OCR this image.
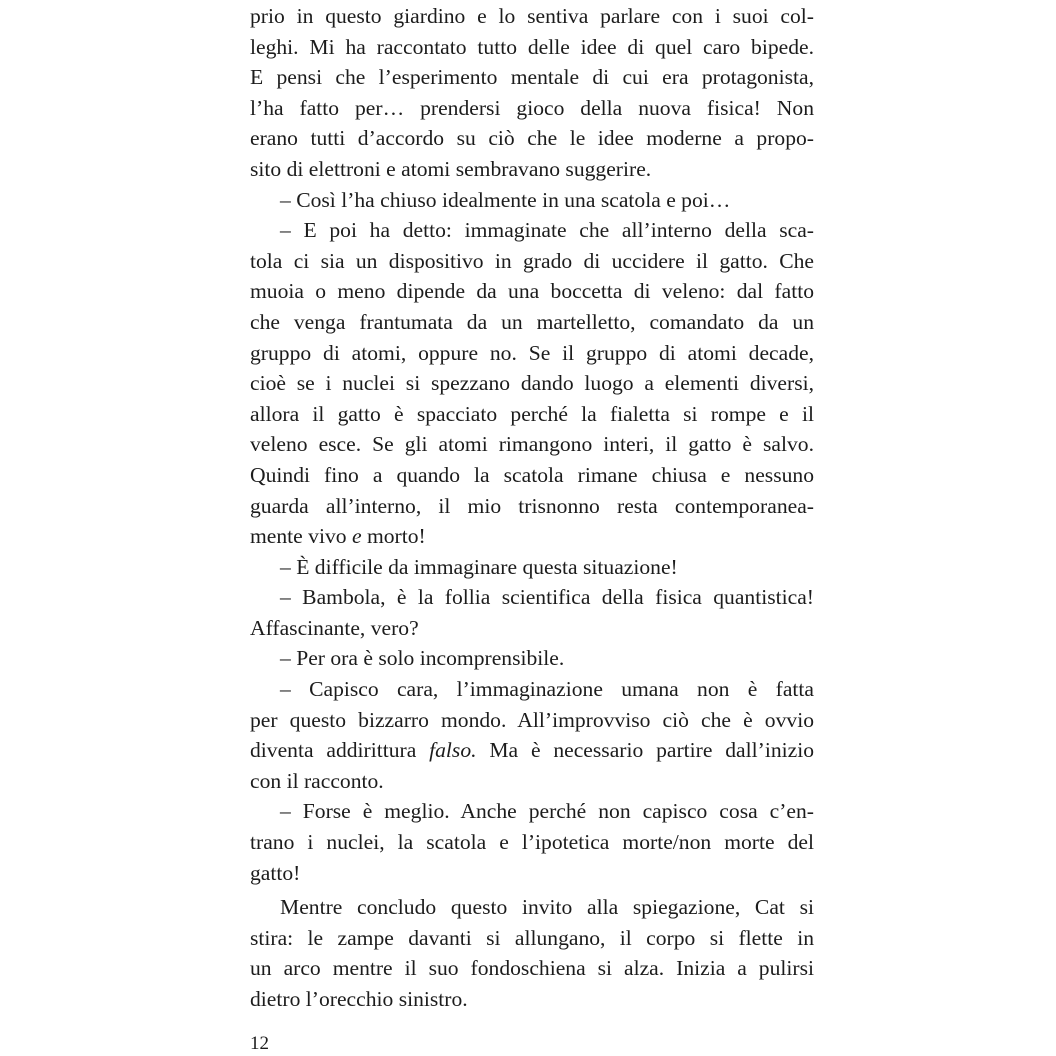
prio in questo giardino e lo sentiva parlare con i suoi col-
leghi. Mi ha raccontato tutto delle idee di quel caro bipede.
E pensi che l’esperimento mentale di cui era protagonista,
l’ha fatto per… prendersi gioco della nuova fisica! Non
erano tutti d’accordo su ciò che le idee moderne a propo-
sito di elettroni e atomi sembravano suggerire.
– Così l’ha chiuso idealmente in una scatola e poi…
– E poi ha detto: immaginate che all’interno della sca-
tola ci sia un dispositivo in grado di uccidere il gatto. Che
muoia o meno dipende da una boccetta di veleno: dal fatto
che venga frantumata da un martelletto, comandato da un
gruppo di atomi, oppure no. Se il gruppo di atomi decade,
cioè se i nuclei si spezzano dando luogo a elementi diversi,
allora il gatto è spacciato perché la fialetta si rompe e il
veleno esce. Se gli atomi rimangono interi, il gatto è salvo.
Quindi fino a quando la scatola rimane chiusa e nessuno
guarda all’interno, il mio trisnonno resta contemporanea-
mente vivo e morto!
– È difficile da immaginare questa situazione!
– Bambola, è la follia scientifica della fisica quantistica!
Affascinante, vero?
– Per ora è solo incomprensibile.
– Capisco cara, l’immaginazione umana non è fatta
per questo bizzarro mondo. All’improvviso ciò che è ovvio
diventa addirittura falso. Ma è necessario partire dall’inizio
con il racconto.
– Forse è meglio. Anche perché non capisco cosa c’en-
trano i nuclei, la scatola e l’ipotetica morte/non morte del
gatto!
Mentre concludo questo invito alla spiegazione, Cat si
stira: le zampe davanti si allungano, il corpo si flette in
un arco mentre il suo fondoschiena si alza. Inizia a pulirsi
dietro l’orecchio sinistro.
12
